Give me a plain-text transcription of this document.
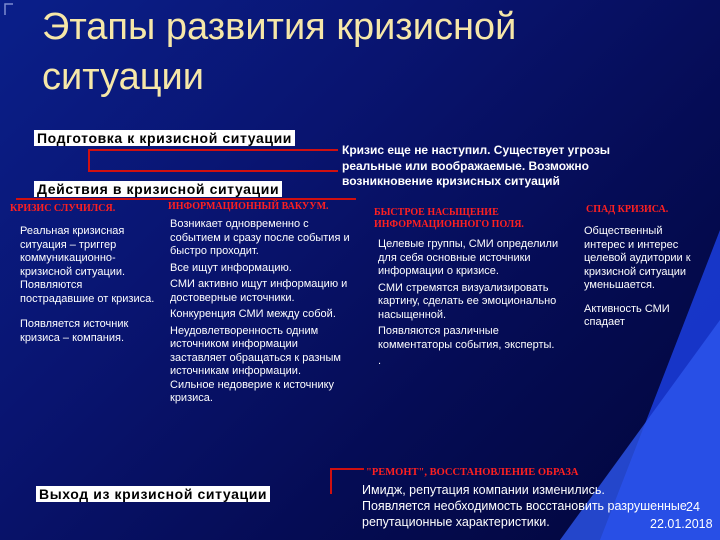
Этапы развития кризисной ситуации
Подготовка к кризисной ситуации
Действия в кризисной ситуации
Выход из кризисной ситуации

Кризис еще не наступил. Существует угрозы

реальные или воображаемые. Возможно

возникновение кризисных ситуаций

КРИЗИС СЛУЧИЛСЯ.	ИНФОРМАЦИОННЫЙ ВАКУУМ.
БЫСТРОЕ НАСЫЩЕНИЕ
ИНФОРМАЦИОННОГО ПОЛЯ.
СПАД КРИЗИСА.

Реальная кризисная

ситуация – триггер

коммуникационно-

кризисной ситуации.

Появляются

пострадавшие от кризиса.

Появляется источник

кризиса – компания.

Возникает одновременно с

событием и сразу после события и

быстро проходит.

Все ищут информацию.

СМИ активно ищут информацию и

достоверные источники.

Конкуренция СМИ между собой.

Неудовлетворенность одним

источником информации

заставляет обращаться к разным

источникам информации.

Сильное недоверие к источнику

кризиса.

Целевые группы, СМИ определили

для себя основные источники

информации о кризисе.

СМИ стремятся визуализировать

картину, сделать ее эмоционально

насыщенной.

Появляются различные

комментаторы события, эксперты.

.

Общественный

интерес и интерес

целевой аудитории к

кризисной ситуации

уменьшается.

Активность СМИ

спадает

"РЕМОНТ", ВОССТАНОВЛЕНИЕ ОБРАЗА

Имидж, репутация компании изменились.

Появляется необходимость восстановить разрушенные

репутационные характеристики.

24
22.01.2018
